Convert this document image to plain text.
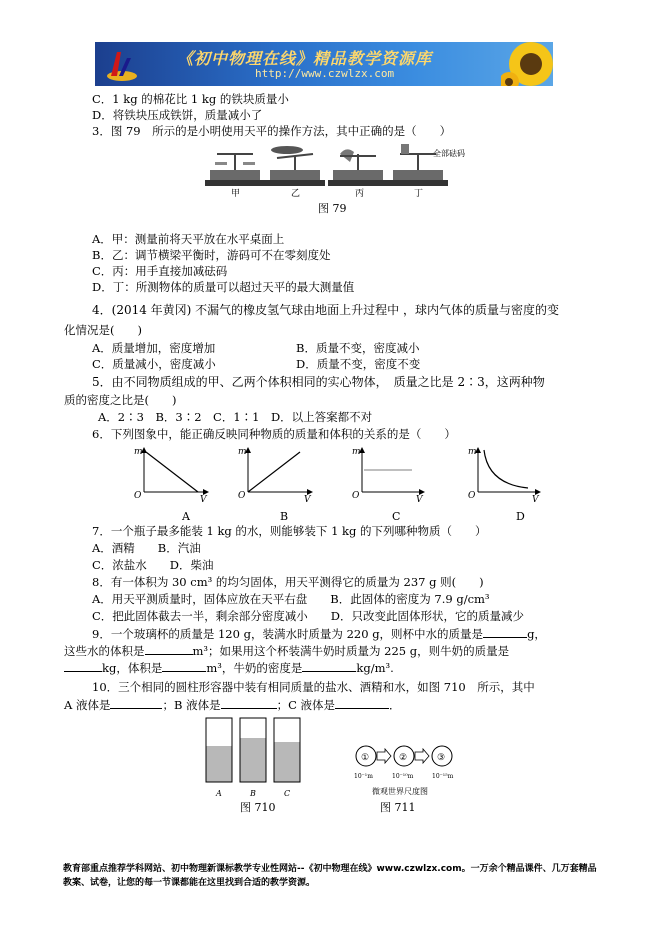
《初中物理在线》精品教学资源库
http://www.czwlzx.com
C．1 kg 的棉花比 1 kg 的铁块质量小
D．将铁块压成铁饼，质量减小了
3．图 79　所示的是小明使用天平的操作方法，其中正确的是（　　）
全部砝码
甲	乙	丙	丁
图 79
A．甲：测量前将天平放在水平桌面上
B．乙：调节横梁平衡时，游码可不在零刻度处
C．丙：用手直接加减砝码
D．丁：所测物体的质量可以超过天平的最大测量值
4．(2014 年黄冈) 不漏气的橡皮氢气球由地面上升过程中 ，球内气体的质量与密度的变
化情况是(　　)
A．质量增加，密度增加	B．质量不变，密度减小
C．质量减小，密度减小	D．质量不变，密度不变
5．由不同物质组成的甲、乙两个体积相同的实心物体，　质量之比是 2∶3，这两种物
质的密度之比是(　　)
A．2∶3　B．3∶2　C．1∶1　D．以上答案都不对
6．下列图象中，能正确反映同种物质的质量和体积的关系的是（　　）
m
O	V
m
O	V
m
O	V
m
O	V
A	B	C	D
7．一个瓶子最多能装 1 kg 的水，则能够装下 1 kg 的下列哪种物质（　　）
A．酒精　　B．汽油
C．浓盐水　　D．柴油
8．有一体积为 30 cm³ 的均匀固体，用天平测得它的质量为 237 g 则(　　)
A．用天平测质量时，固体应放在天平右盘　　B．此固体的密度为 7.9 g/cm³
C．把此固体截去一半，剩余部分密度减小　　D．只改变此固体形状，它的质量减少
9．一个玻璃杯的质量是 120 g，装满水时质量为 220 g，则杯中水的质量是	g，
这些水的体积是	m³；如果用这个杯装满牛奶时质量为 225 g，则牛奶的质量是
kg，体积是	m³，牛奶的密度是	kg/m³.
10．三个相同的圆柱形容器中装有相同质量的盐水、酒精和水，如图 710　所示，其中
A 液体是	；B 液体是	；C 液体是	．
A	B	C
图 710
①	②	③
10⁻¹m	10⁻¹⁰m	10⁻¹⁵m
微观世界尺度图
图 711
教育部重点推荐学科网站、初中物理新课标教学专业性网站--《初中物理在线》www.czwlzx.com。一万余个精品课件、几万套精品教案、试卷，让您的每一节课都能在这里找到合适的教学资源。
